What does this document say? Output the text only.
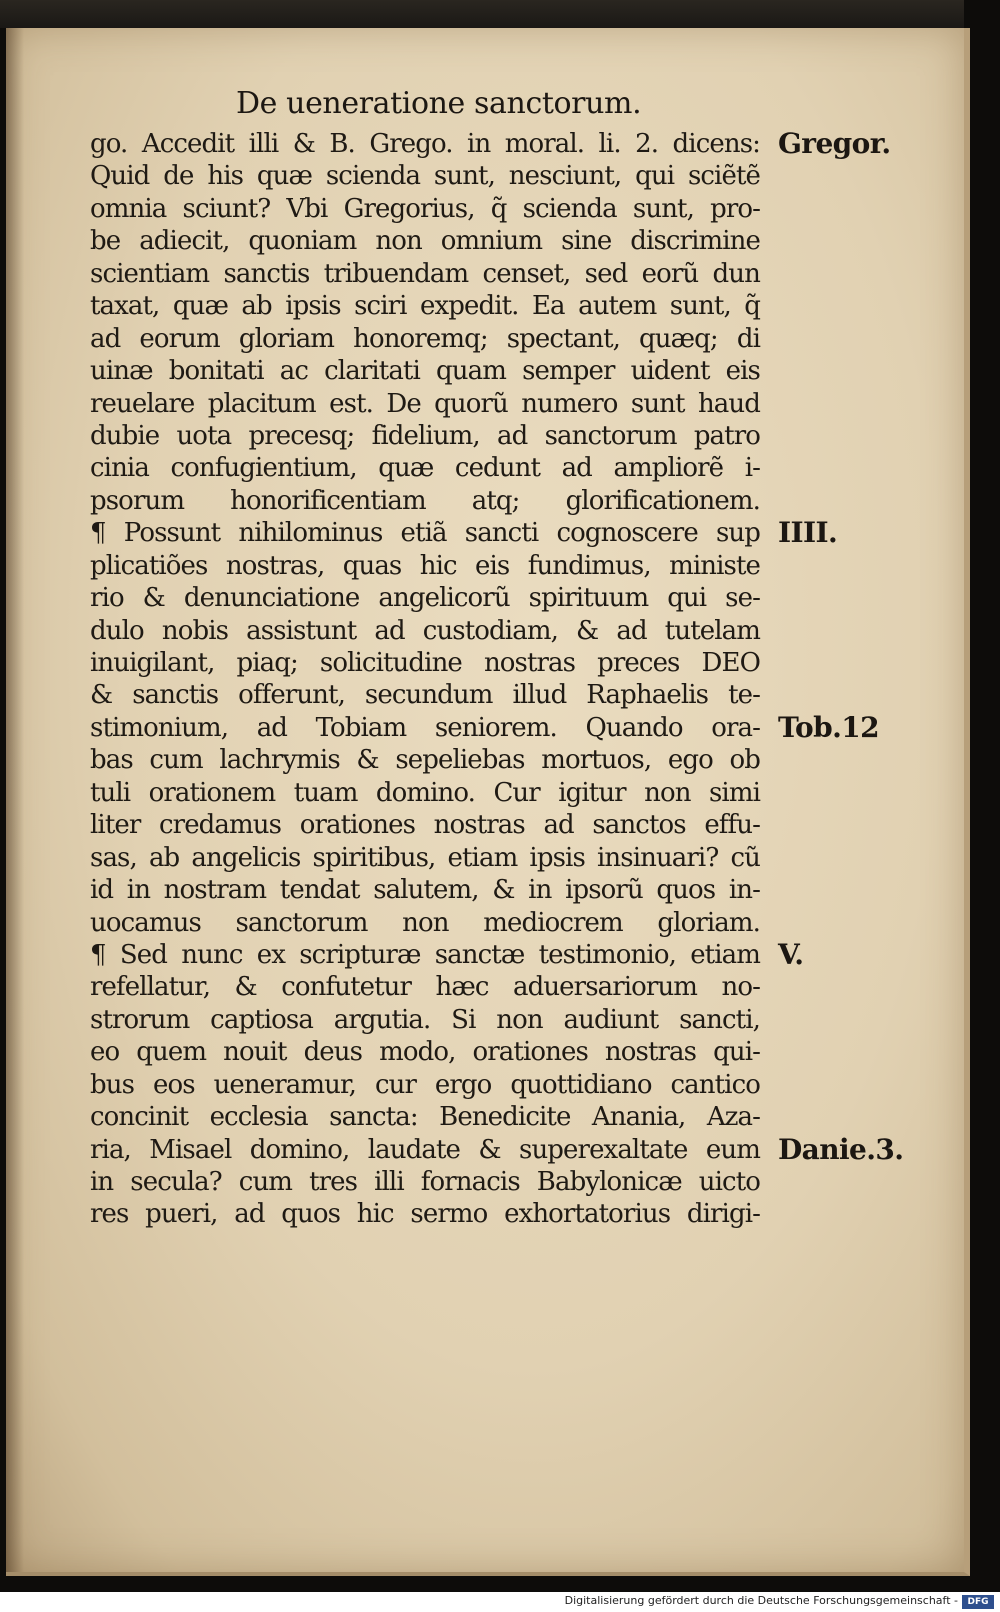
De ueneratione sanctorum.
go. Accedit illi & B. Grego. in moral. li. 2. dicens:
Quid de his quæ scienda sunt, nesciunt, qui sciẽtẽ
omnia sciunt? Vbi Gregorius, q̃ scienda sunt, pro-
be adiecit, quoniam non omnium sine discrimine
scientiam sanctis tribuendam censet, sed eorũ dun
taxat, quæ ab ipsis sciri expedit. Ea autem sunt, q̃
ad eorum gloriam honoremq; spectant, quæq; di
uinæ bonitati ac claritati quam semper uident eis
reuelare placitum est. De quorũ numero sunt haud
dubie uota precesq; fidelium, ad sanctorum patro
cinia confugientium, quæ cedunt ad ampliorẽ i-
psorum honorificentiam atq; glorificationem.
¶ Possunt nihilominus etiã sancti cognoscere sup
plicatiões nostras, quas hic eis fundimus, ministe
rio & denunciatione angelicorũ spirituum qui se-
dulo nobis assistunt ad custodiam, & ad tutelam
inuigilant, piaq; solicitudine nostras preces DEO
& sanctis offerunt, secundum illud Raphaelis te-
stimonium, ad Tobiam seniorem. Quando ora-
bas cum lachrymis & sepeliebas mortuos, ego ob
tuli orationem tuam domino. Cur igitur non simi
liter credamus orationes nostras ad sanctos effu-
sas, ab angelicis spiritibus, etiam ipsis insinuari? cũ
id in nostram tendat salutem, & in ipsorũ quos in-
uocamus sanctorum non mediocrem gloriam.
¶ Sed nunc ex scripturæ sanctæ testimonio, etiam
refellatur, & confutetur hæc aduersariorum no-
strorum captiosa argutia. Si non audiunt sancti,
eo quem nouit deus modo, orationes nostras qui-
bus eos ueneramur, cur ergo quottidiano cantico
concinit ecclesia sancta: Benedicite Anania, Aza-
ria, Misael domino, laudate & superexaltate eum
in secula? cum tres illi fornacis Babylonicæ uicto
res pueri, ad quos hic sermo exhortatorius dirigi-
Gregor.
IIII.
Tob.12
V.
Danie.3.
Digitalisierung gefördert durch die Deutsche Forschungsgemeinschaft -	DFG
